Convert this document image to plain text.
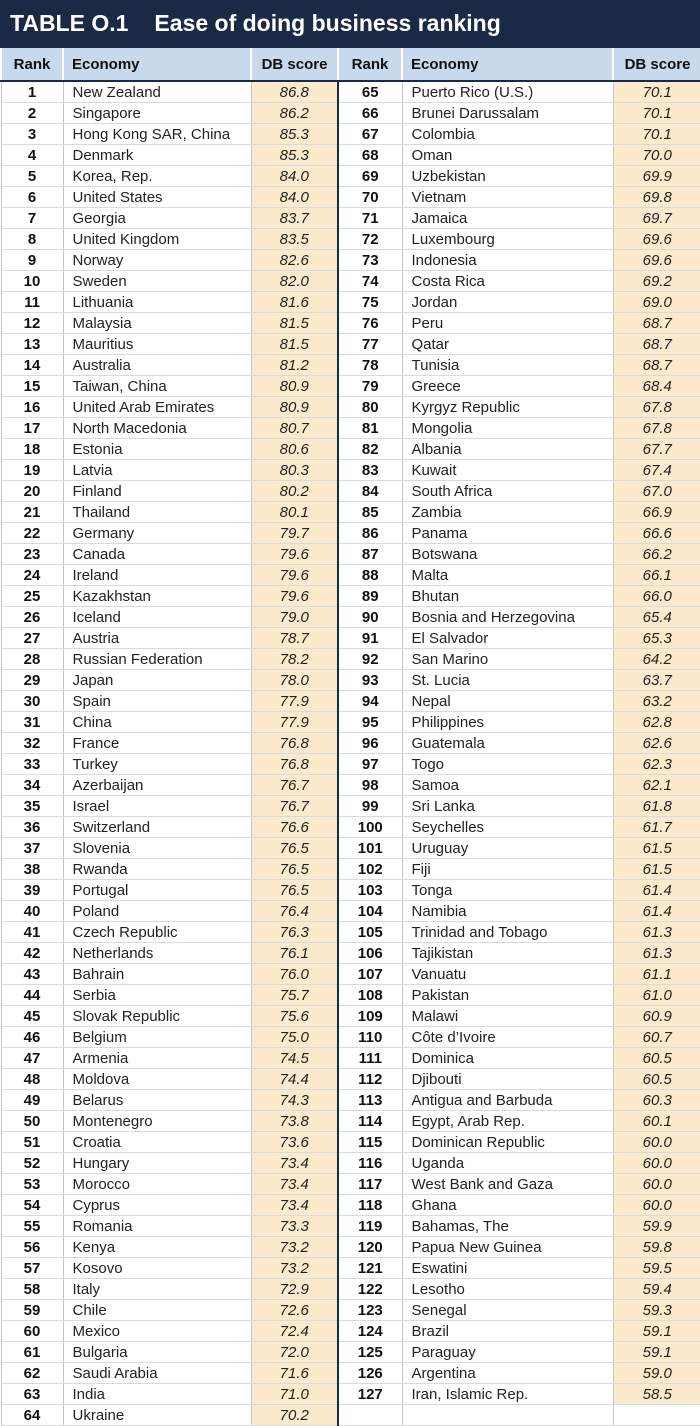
TABLE O.1 Ease of doing business ranking
Rank	Economy	DB score	Rank	Economy	DB score
1	New Zealand	86.8	65	Puerto Rico (U.S.)	70.1
2	Singapore	86.2	66	Brunei Darussalam	70.1
3	Hong Kong SAR, China	85.3	67	Colombia	70.1
4	Denmark	85.3	68	Oman	70.0
5	Korea, Rep.	84.0	69	Uzbekistan	69.9
6	United States	84.0	70	Vietnam	69.8
7	Georgia	83.7	71	Jamaica	69.7
8	United Kingdom	83.5	72	Luxembourg	69.6
9	Norway	82.6	73	Indonesia	69.6
10	Sweden	82.0	74	Costa Rica	69.2
11	Lithuania	81.6	75	Jordan	69.0
12	Malaysia	81.5	76	Peru	68.7
13	Mauritius	81.5	77	Qatar	68.7
14	Australia	81.2	78	Tunisia	68.7
15	Taiwan, China	80.9	79	Greece	68.4
16	United Arab Emirates	80.9	80	Kyrgyz Republic	67.8
17	North Macedonia	80.7	81	Mongolia	67.8
18	Estonia	80.6	82	Albania	67.7
19	Latvia	80.3	83	Kuwait	67.4
20	Finland	80.2	84	South Africa	67.0
21	Thailand	80.1	85	Zambia	66.9
22	Germany	79.7	86	Panama	66.6
23	Canada	79.6	87	Botswana	66.2
24	Ireland	79.6	88	Malta	66.1
25	Kazakhstan	79.6	89	Bhutan	66.0
26	Iceland	79.0	90	Bosnia and Herzegovina	65.4
27	Austria	78.7	91	El Salvador	65.3
28	Russian Federation	78.2	92	San Marino	64.2
29	Japan	78.0	93	St. Lucia	63.7
30	Spain	77.9	94	Nepal	63.2
31	China	77.9	95	Philippines	62.8
32	France	76.8	96	Guatemala	62.6
33	Turkey	76.8	97	Togo	62.3
34	Azerbaijan	76.7	98	Samoa	62.1
35	Israel	76.7	99	Sri Lanka	61.8
36	Switzerland	76.6	100	Seychelles	61.7
37	Slovenia	76.5	101	Uruguay	61.5
38	Rwanda	76.5	102	Fiji	61.5
39	Portugal	76.5	103	Tonga	61.4
40	Poland	76.4	104	Namibia	61.4
41	Czech Republic	76.3	105	Trinidad and Tobago	61.3
42	Netherlands	76.1	106	Tajikistan	61.3
43	Bahrain	76.0	107	Vanuatu	61.1
44	Serbia	75.7	108	Pakistan	61.0
45	Slovak Republic	75.6	109	Malawi	60.9
46	Belgium	75.0	110	Côte d’Ivoire	60.7
47	Armenia	74.5	111	Dominica	60.5
48	Moldova	74.4	112	Djibouti	60.5
49	Belarus	74.3	113	Antigua and Barbuda	60.3
50	Montenegro	73.8	114	Egypt, Arab Rep.	60.1
51	Croatia	73.6	115	Dominican Republic	60.0
52	Hungary	73.4	116	Uganda	60.0
53	Morocco	73.4	117	West Bank and Gaza	60.0
54	Cyprus	73.4	118	Ghana	60.0
55	Romania	73.3	119	Bahamas, The	59.9
56	Kenya	73.2	120	Papua New Guinea	59.8
57	Kosovo	73.2	121	Eswatini	59.5
58	Italy	72.9	122	Lesotho	59.4
59	Chile	72.6	123	Senegal	59.3
60	Mexico	72.4	124	Brazil	59.1
61	Bulgaria	72.0	125	Paraguay	59.1
62	Saudi Arabia	71.6	126	Argentina	59.0
63	India	71.0	127	Iran, Islamic Rep.	58.5
64	Ukraine	70.2			
